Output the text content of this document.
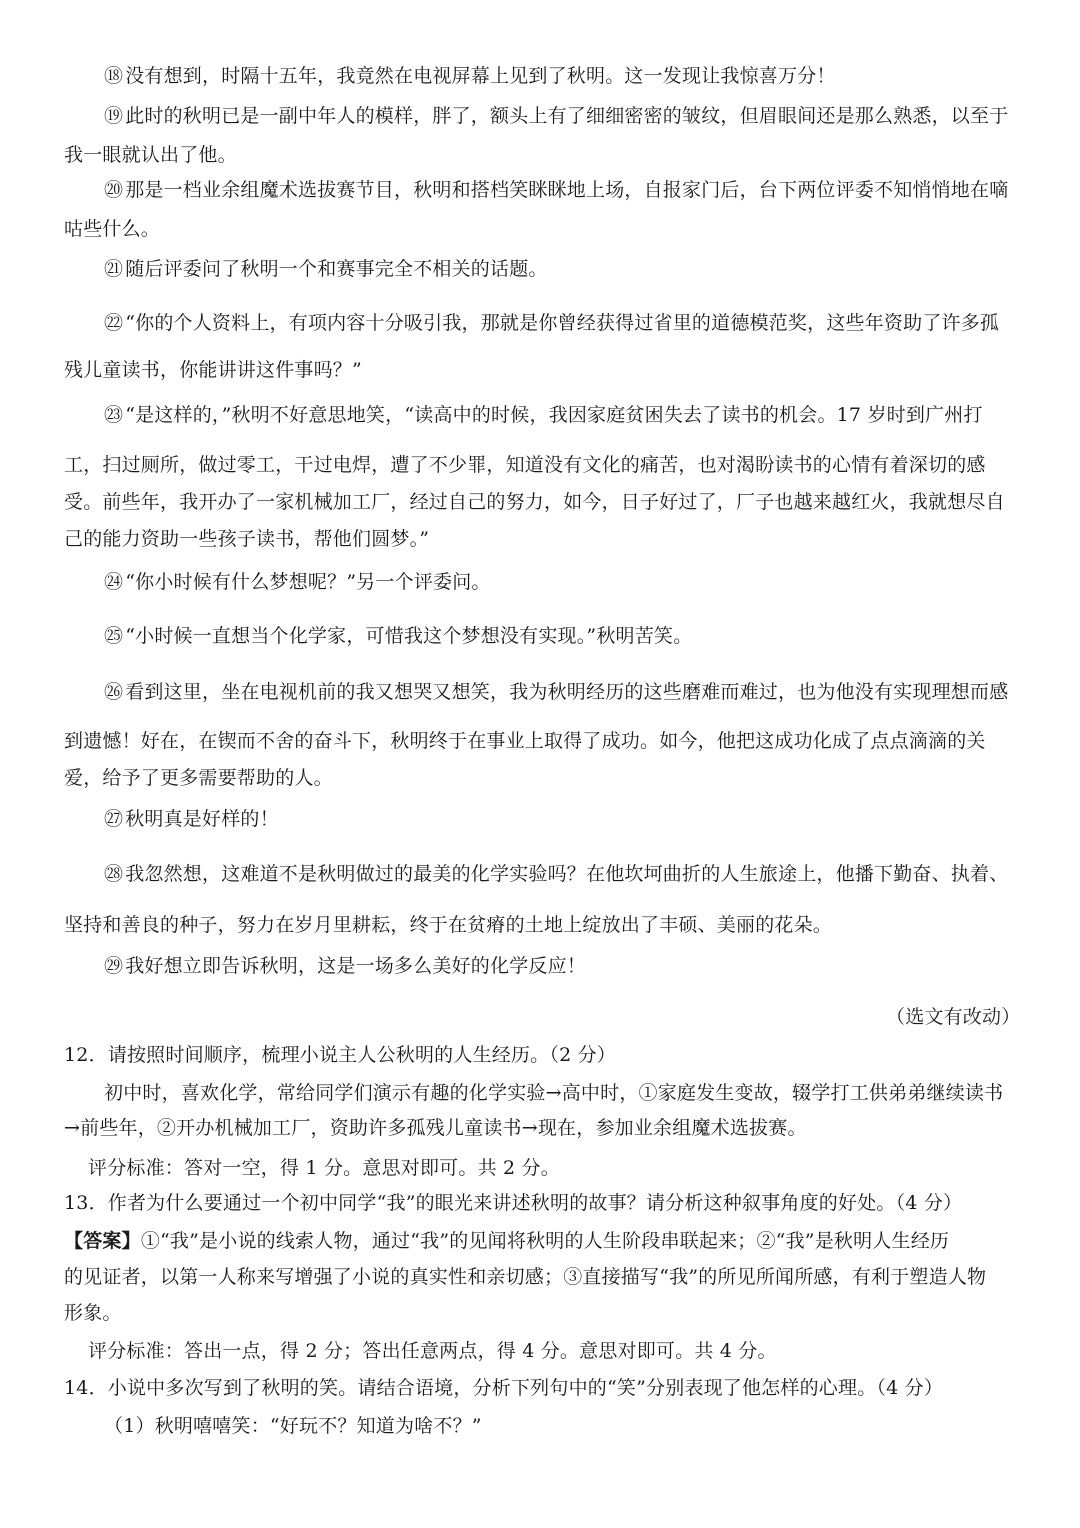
⑱ 没有想到，时隔十五年，我竟然在电视屏幕上见到了秋明。这一发现让我惊喜万分！
⑲ 此时的秋明已是一副中年人的模样，胖了，额头上有了细细密密的皱纹，但眉眼间还是那么熟悉，以至于
我一眼就认出了他。
⑳ 那是一档业余组魔术选拔赛节目，秋明和搭档笑眯眯地上场，自报家门后，台下两位评委不知悄悄地在嘀
咕些什么。
㉑ 随后评委问了秋明一个和赛事完全不相关的话题。
㉒ “你的个人资料上，有项内容十分吸引我，那就是你曾经获得过省里的道德模范奖，这些年资助了许多孤
残儿童读书，你能讲讲这件事吗？”
㉓ “是这样的，”秋明不好意思地笑，“读高中的时候，我因家庭贫困失去了读书的机会。17 岁时到广州打
工，扫过厕所，做过零工，干过电焊，遭了不少罪，知道没有文化的痛苦，也对渴盼读书的心情有着深切的感
受。前些年，我开办了一家机械加工厂，经过自己的努力，如今，日子好过了，厂子也越来越红火，我就想尽自
己的能力资助一些孩子读书，帮他们圆梦。”
㉔ “你小时候有什么梦想呢？”另一个评委问。
㉕ “小时候一直想当个化学家，可惜我这个梦想没有实现。”秋明苦笑。
㉖ 看到这里，坐在电视机前的我又想哭又想笑，我为秋明经历的这些磨难而难过，也为他没有实现理想而感
到遗憾！好在，在锲而不舍的奋斗下，秋明终于在事业上取得了成功。如今，他把这成功化成了点点滴滴的关
爱，给予了更多需要帮助的人。
㉗ 秋明真是好样的！
㉘ 我忽然想，这难道不是秋明做过的最美的化学实验吗？在他坎坷曲折的人生旅途上，他播下勤奋、执着、
坚持和善良的种子，努力在岁月里耕耘，终于在贫瘠的土地上绽放出了丰硕、美丽的花朵。
㉙ 我好想立即告诉秋明，这是一场多么美好的化学反应！
（选文有改动）
12．请按照时间顺序，梳理小说主人公秋明的人生经历。（2 分）
初中时，喜欢化学，常给同学们演示有趣的化学实验→高中时，①家庭发生变故，辍学打工供弟弟继续读书
→前些年，②开办机械加工厂，资助许多孤残儿童读书→现在，参加业余组魔术选拔赛。
评分标准：答对一空，得 1 分。意思对即可。共 2 分。
13．作者为什么要通过一个初中同学“我”的眼光来讲述秋明的故事？请分析这种叙事角度的好处。（4 分）
【答案】①“我”是小说的线索人物，通过“我”的见闻将秋明的人生阶段串联起来；②“我”是秋明人生经历
的见证者，以第一人称来写增强了小说的真实性和亲切感；③直接描写“我”的所见所闻所感，有利于塑造人物
形象。
评分标准：答出一点，得 2 分；答出任意两点，得 4 分。意思对即可。共 4 分。
14．小说中多次写到了秋明的笑。请结合语境，分析下列句中的“笑”分别表现了他怎样的心理。（4 分）
（1）秋明嘻嘻笑：“好玩不？知道为啥不？”
